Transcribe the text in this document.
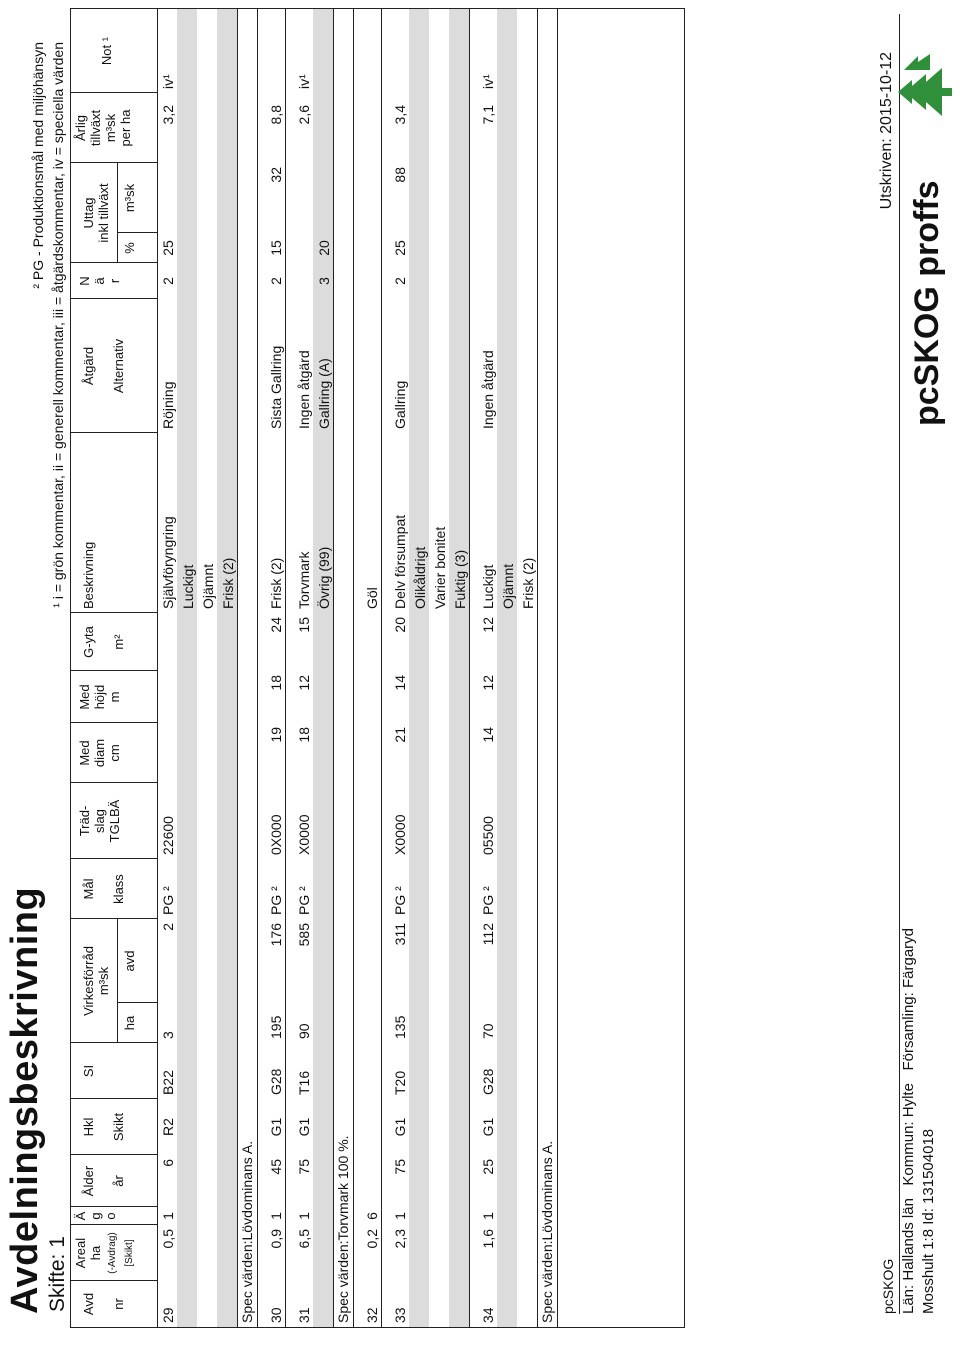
Avdelningsbeskrivning Skifte: 1
² PG - Produktionsmål med miljöhänsyn ¹ i = grön kommentar, ii = generell kommentar, iii = åtgärdskommentar, iv = speciella värden
Avd nr
Areal
ha (-Avdrag) [Skikt]
Ä
g
o
Ålder år
Hkl Skikt
SI
Virkesförråd
m³sk
ha
avd
Mål klass
Träd-
slag
TGLBÄ
Med
diam
cm
Med
höjd
m
G-yta m²
Beskrivning
Åtgärd Alternativ
N
ä
r
Uttag
inkl tillväxt
%
m³sk
Årlig
tillväxt
m³sk
per ha
Not ¹
29
0,5
1
6
R2
B22
3
2
PG ²
22600
Självföryngring Luckigt Ojämnt Frisk (2)
Röjning
2
25
3,2
iv¹
Spec värden:Lövdominans A. 30
0,9
1
45
G1
G28
195
176
PG ²
0X000
19
18
24
Frisk (2)
Sista Gallring
2
15
32
8,8
31
6,5
1
75
G1
T16
90
585
PG ²
X0000
18
12
15
Torvmark Övrig (99)
Ingen åtgärd Gallring (A)
3
20
2,6
iv¹
Spec värden:Torvmark 100 %. 32
0,2
6
Göl
33
2,3
1
75
G1
T20
135
311
PG ²
X0000
21
14
20
Delv försumpat Olikåldrigt Varier bonitet Fuktig (3)
Gallring
2
25
88
3,4
34
1,6
1
25
G1
G28
70
112
PG ²
05500
14
12
12
Luckigt Ojämnt Frisk (2)
Ingen åtgärd
7,1
iv¹
Spec värden:Lövdominans A.	pcSKOG Län: Hallands län   Kommun: Hylte   Församling: Färgaryd Mosshult 1:8 Id: 131504018
Utskriven: 2015-10-12
pcSKOG proffs
